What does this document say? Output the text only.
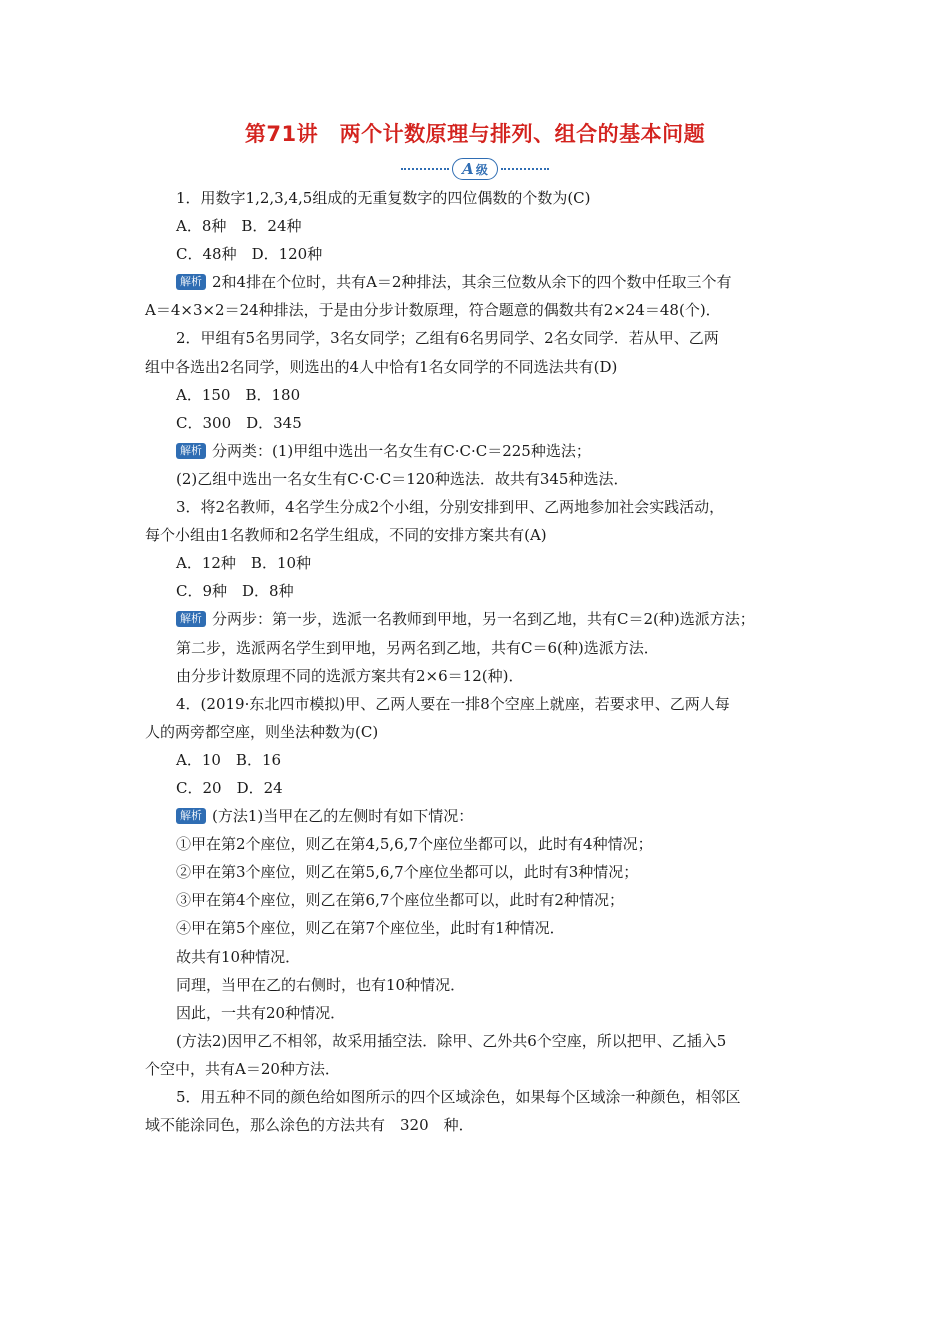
第71讲　两个计数原理与排列、组合的基本问题
A 级

1．用数字1,2,3,4,5组成的无重复数字的四位偶数的个数为(C)

A．8种　B．24种

C．48种　D．120种

解析 2和4排在个位时，共有A＝2种排法，其余三位数从余下的四个数中任取三个有

A＝4×3×2＝24种排法，于是由分步计数原理，符合题意的偶数共有2×24＝48(个)．

2．甲组有5名男同学，3名女同学；乙组有6名男同学、2名女同学．若从甲、乙两

组中各选出2名同学，则选出的4人中恰有1名女同学的不同选法共有(D)

A．150　B．180

C．300　D．345

解析 分两类：(1)甲组中选出一名女生有C·C·C＝225种选法；

(2)乙组中选出一名女生有C·C·C＝120种选法．故共有345种选法．

3．将2名教师，4名学生分成2个小组，分别安排到甲、乙两地参加社会实践活动，

每个小组由1名教师和2名学生组成，不同的安排方案共有(A)

A．12种　B．10种

C．9种　D．8种

解析 分两步：第一步，选派一名教师到甲地，另一名到乙地，共有C＝2(种)选派方法；

第二步，选派两名学生到甲地，另两名到乙地，共有C＝6(种)选派方法．

由分步计数原理不同的选派方案共有2×6＝12(种)．

4．(2019·东北四市模拟)甲、乙两人要在一排8个空座上就座，若要求甲、乙两人每

人的两旁都空座，则坐法种数为(C)

A．10　B．16

C．20　D．24

解析 (方法1)当甲在乙的左侧时有如下情况：

①甲在第2个座位，则乙在第4,5,6,7个座位坐都可以，此时有4种情况；

②甲在第3个座位，则乙在第5,6,7个座位坐都可以，此时有3种情况；

③甲在第4个座位，则乙在第6,7个座位坐都可以，此时有2种情况；

④甲在第5个座位，则乙在第7个座位坐，此时有1种情况．

故共有10种情况．

同理，当甲在乙的右侧时，也有10种情况．

因此，一共有20种情况．

(方法2)因甲乙不相邻，故采用插空法．除甲、乙外共6个空座，所以把甲、乙插入5

个空中，共有A＝20种方法．

5．用五种不同的颜色给如图所示的四个区域涂色，如果每个区域涂一种颜色，相邻区

域不能涂同色，那么涂色的方法共有　320　种．
